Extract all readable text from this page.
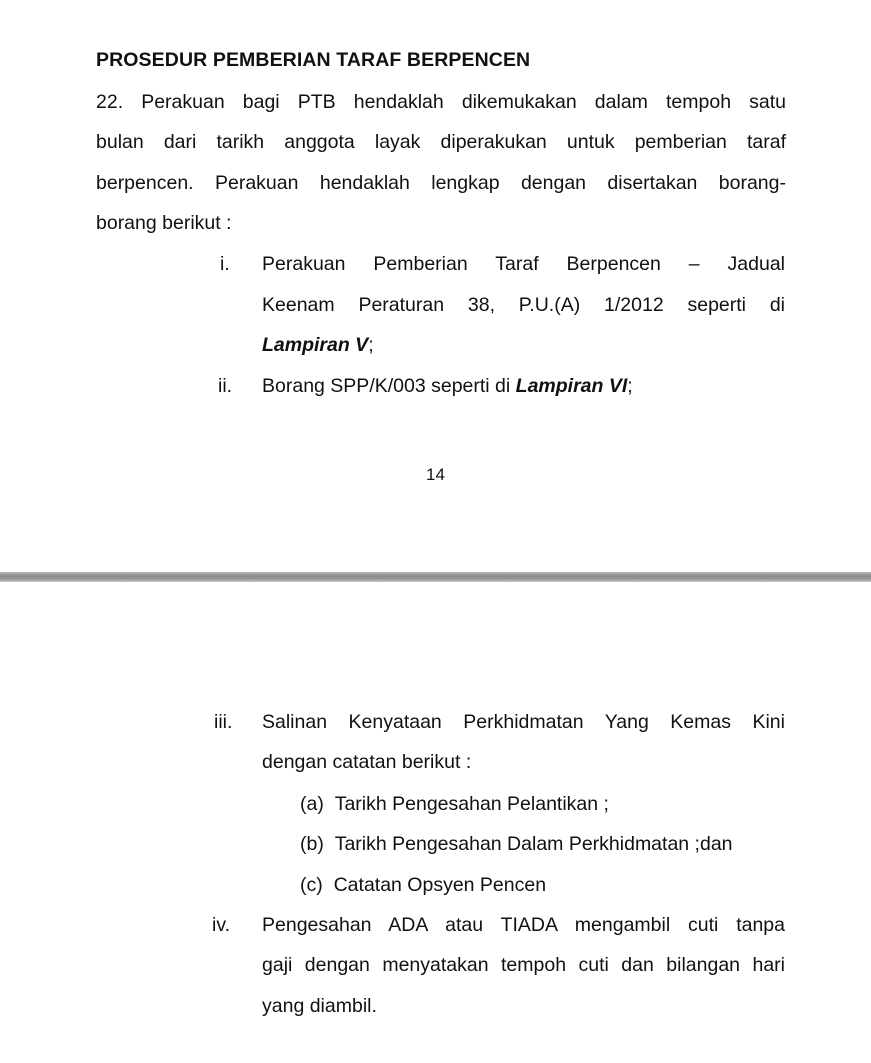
PROSEDUR PEMBERIAN TARAF BERPENCEN
22. Perakuan bagi PTB hendaklah dikemukakan dalam tempoh satu
bulan dari tarikh anggota layak diperakukan untuk pemberian taraf
berpencen. Perakuan hendaklah lengkap dengan disertakan borang-
borang berikut :
i. Perakuan Pemberian Taraf Berpencen – Jadual
Keenam Peraturan 38, P.U.(A) 1/2012 seperti di
Lampiran V;
ii. Borang SPP/K/003 seperti di Lampiran VI;
14
iii. Salinan Kenyataan Perkhidmatan Yang Kemas Kini
dengan catatan berikut :
(a) Tarikh Pengesahan Pelantikan ;
(b) Tarikh Pengesahan Dalam Perkhidmatan ;dan
(c) Catatan Opsyen Pencen
iv. Pengesahan ADA atau TIADA mengambil cuti tanpa
gaji dengan menyatakan tempoh cuti dan bilangan hari
yang diambil.
